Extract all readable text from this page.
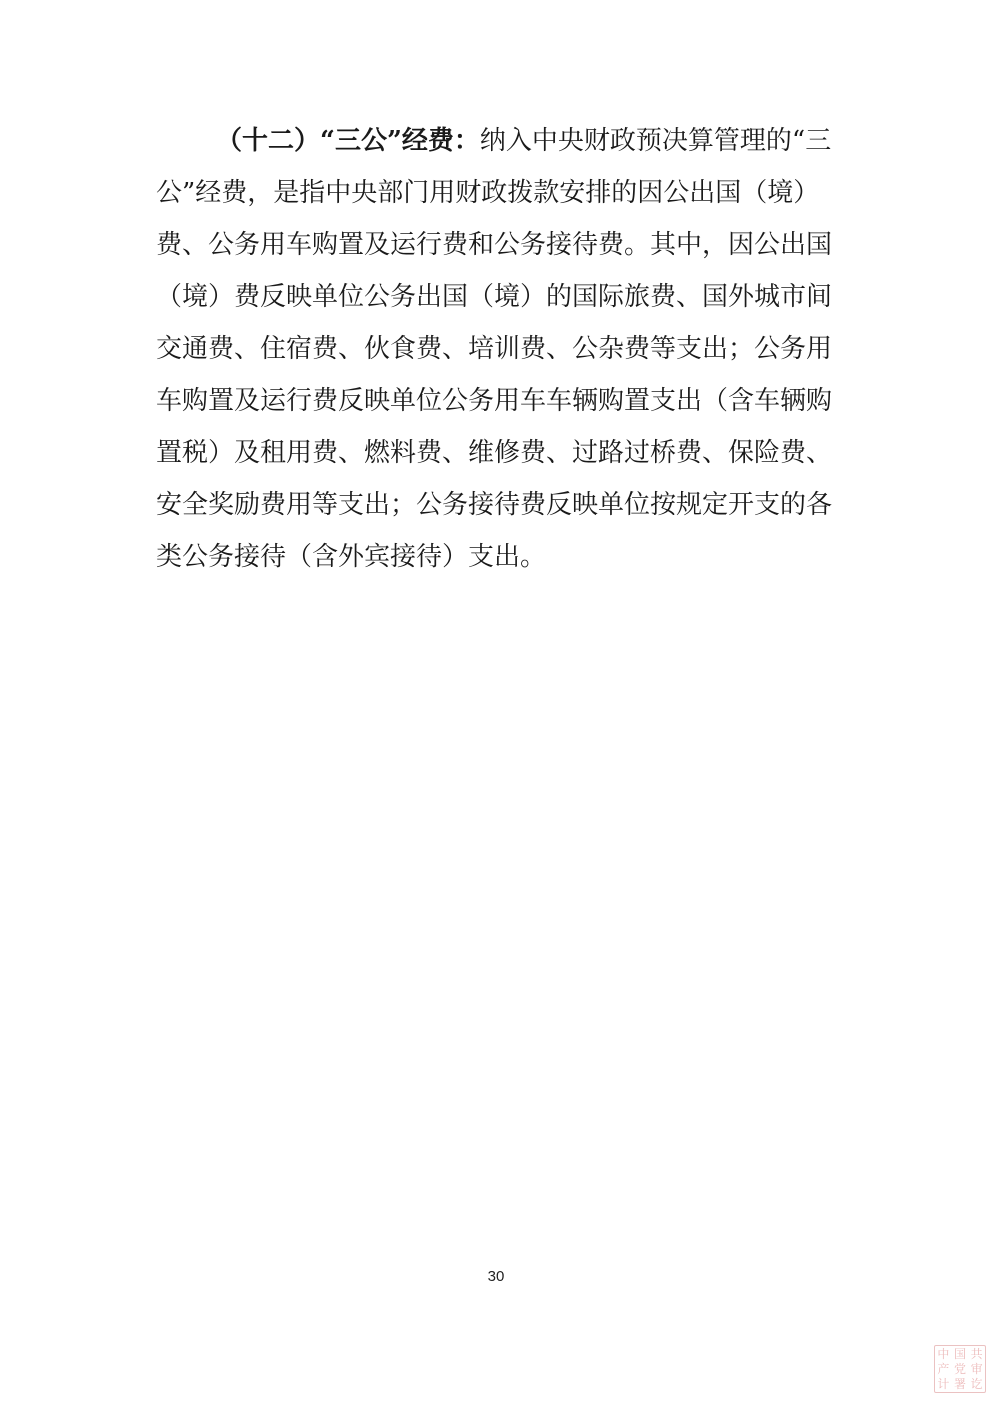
（十二）“三公”经费：纳入中央财政预决算管理的“三
公”经费，是指中央部门用财政拨款安排的因公出国（境）
费、公务用车购置及运行费和公务接待费。其中，因公出国
（境）费反映单位公务出国（境）的国际旅费、国外城市间
交通费、住宿费、伙食费、培训费、公杂费等支出；公务用
车购置及运行费反映单位公务用车车辆购置支出（含车辆购
置税）及租用费、燃料费、维修费、过路过桥费、保险费、
安全奖励费用等支出；公务接待费反映单位按规定开支的各
类公务接待（含外宾接待）支出。
30
中 国 共
产 党 审
计 署 讫
